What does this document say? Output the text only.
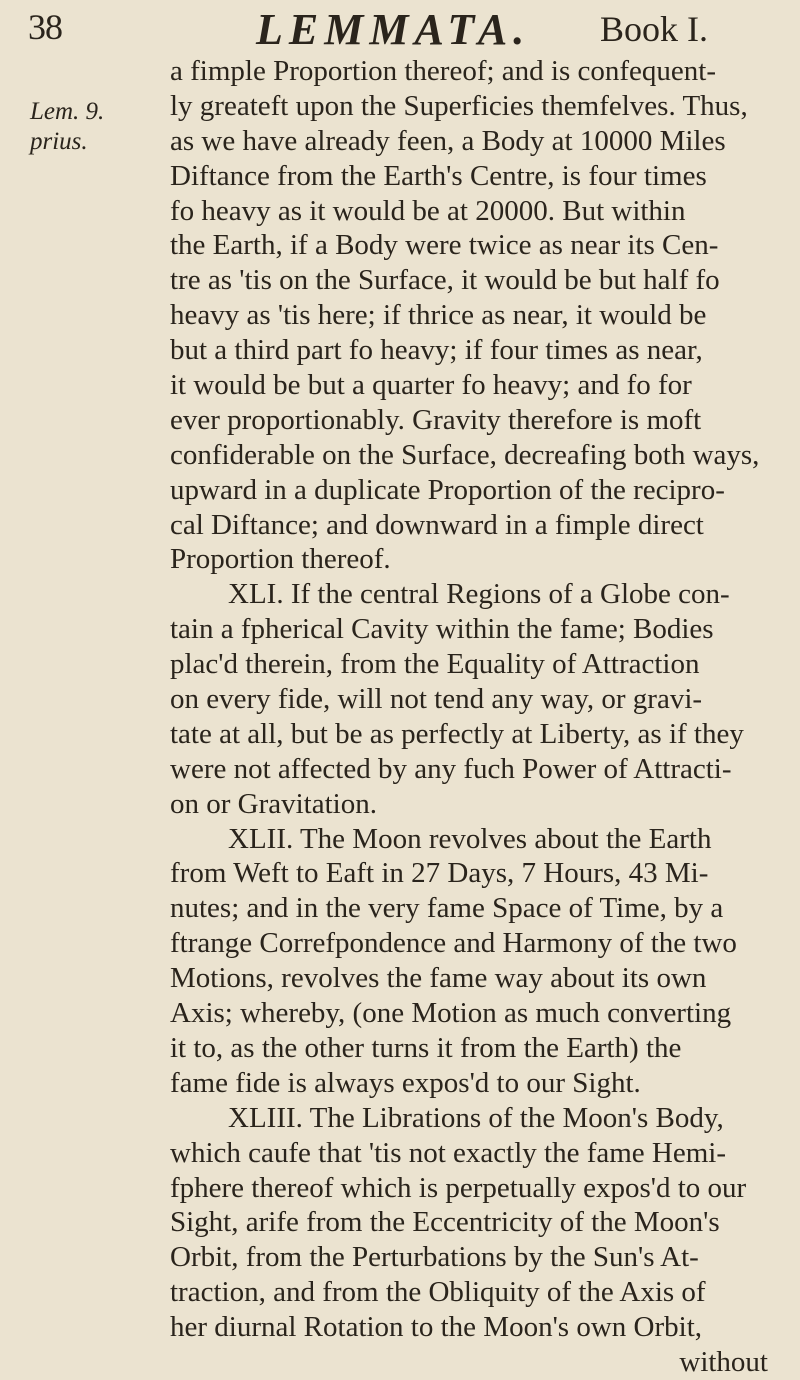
38	LEMMATA. Book I.
Lem. 9.
prius.
a fimple Proportion thereof; and is confequent-
ly greateft upon the Superficies themfelves. Thus,
as we have already feen, a Body at 10000 Miles
Diftance from the Earth's Centre, is four times
fo heavy as it would be at 20000. But within
the Earth, if a Body were twice as near its Cen-
tre as 'tis on the Surface, it would be but half fo
heavy as 'tis here; if thrice as near, it would be
but a third part fo heavy; if four times as near,
it would be but a quarter fo heavy; and fo for
ever proportionably. Gravity therefore is moft
confiderable on the Surface, decreafing both ways,
upward in a duplicate Proportion of the recipro-
cal Diftance; and downward in a fimple direct
Proportion thereof.
XLI. If the central Regions of a Globe con-
tain a fpherical Cavity within the fame; Bodies
plac'd therein, from the Equality of Attraction
on every fide, will not tend any way, or gravi-
tate at all, but be as perfectly at Liberty, as if they
were not affected by any fuch Power of Attracti-
on or Gravitation.
XLII. The Moon revolves about the Earth
from Weft to Eaft in 27 Days, 7 Hours, 43 Mi-
nutes; and in the very fame Space of Time, by a
ftrange Correfpondence and Harmony of the two
Motions, revolves the fame way about its own
Axis; whereby, (one Motion as much converting
it to, as the other turns it from the Earth) the
fame fide is always expos'd to our Sight.
XLIII. The Librations of the Moon's Body,
which caufe that 'tis not exactly the fame Hemi-
fphere thereof which is perpetually expos'd to our
Sight, arife from the Eccentricity of the Moon's
Orbit, from the Perturbations by the Sun's At-
traction, and from the Obliquity of the Axis of
her diurnal Rotation to the Moon's own Orbit,
without
